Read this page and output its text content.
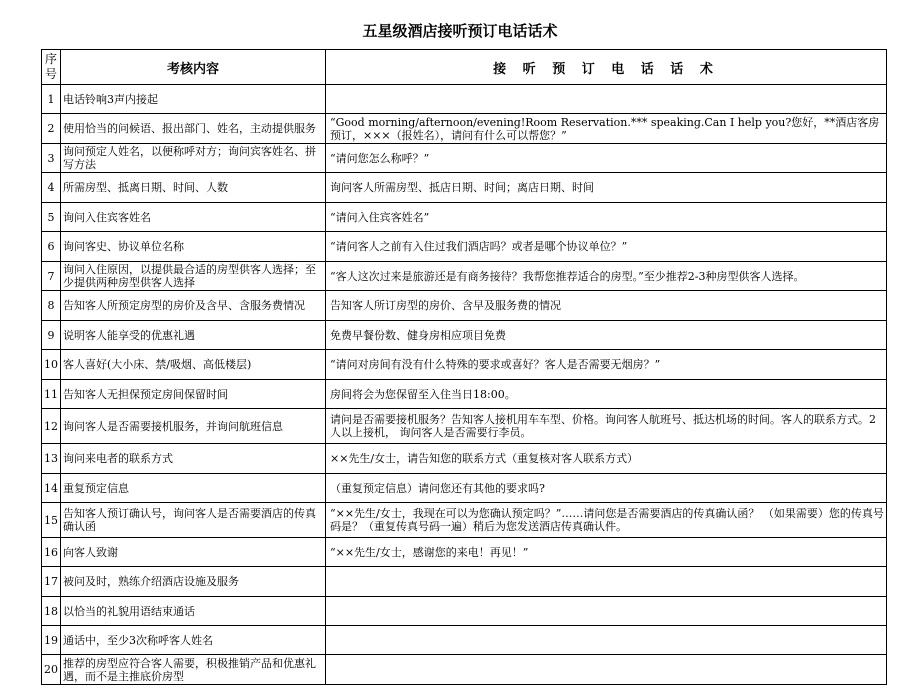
五星级酒店接听预订电话话术
序号	考核内容	接 听 预 订 电 话 话 术
1	电话铃响3声内接起	
2	使用恰当的问候语、报出部门、姓名，主动提供服务	“Good morning/afternoon/evening!Room Reservation.*** speaking.Can I help you?您好，**酒店客房预订，×××（报姓名），请问有什么可以帮您？”
3	询问预定人姓名，以便称呼对方；询问宾客姓名、拼写方法	“请问您怎么称呼？”
4	所需房型、抵离日期、时间、人数	询问客人所需房型、抵店日期、时间；离店日期、时间
5	询问入住宾客姓名	“请问入住宾客姓名”
6	询问客史、协议单位名称	“请问客人之前有入住过我们酒店吗？或者是哪个协议单位？”
7	询问入住原因，以提供最合适的房型供客人选择；至少提供两种房型供客人选择	“客人这次过来是旅游还是有商务接待？我帮您推荐适合的房型。”至少推荐2-3种房型供客人选择。
8	告知客人所预定房型的房价及含早、含服务费情况	告知客人所订房型的房价、含早及服务费的情况
9	说明客人能享受的优惠礼遇	免费早餐份数、健身房相应项目免费
10	客人喜好(大小床、禁/吸烟、高低楼层)	“请问对房间有没有什么特殊的要求或喜好？客人是否需要无烟房？”
11	告知客人无担保预定房间保留时间	房间将会为您保留至入住当日18:00。
12	询问客人是否需要接机服务，并询问航班信息	请问是否需要接机服务？告知客人接机用车车型、价格。询问客人航班号、抵达机场的时间。客人的联系方式。2人以上接机， 询问客人是否需要行李员。
13	询问来电者的联系方式	××先生/女士，请告知您的联系方式（重复核对客人联系方式）
14	重复预定信息	（重复预定信息）请问您还有其他的要求吗?
15	告知客人预订确认号，询问客人是否需要酒店的传真确认函	“××先生/女士，我现在可以为您确认预定吗？”……请问您是否需要酒店的传真确认函？ （如果需要）您的传真号码是？（重复传真号码一遍）稍后为您发送酒店传真确认件。
16	向客人致谢	“××先生/女士，感谢您的来电！再见！”
17	被问及时，熟练介绍酒店设施及服务	
18	以恰当的礼貌用语结束通话	
19	通话中，至少3次称呼客人姓名	
20	推荐的房型应符合客人需要，积极推销产品和优惠礼遇，而不是主推底价房型	
